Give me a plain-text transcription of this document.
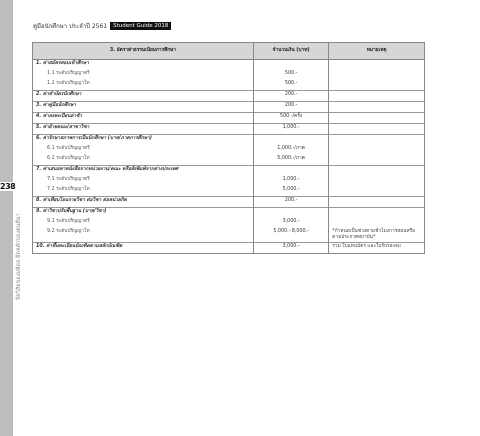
238
จิตวิสัยของมหิดล ยึดหลักของคนดีมา
คู่มือนักศึกษา ประจำปี 2561	Student Guide 2018
3. อัตราค่าธรรมเนียมการศึกษา	จำนวนเงิน (บาท)	หมายเหตุ
1. ค่าสมัครสอบเข้าศึกษา		
1.1 ระดับปริญญาตรี	500.-	
1.2 ระดับปริญญาโท	500.-	
2. ค่าทำบัตรนักศึกษา	200.-	
3. ค่าคู่มือนักศึกษา	200.-	
4. ค่าลงทะเบียนล่าช้า	500.-/ครั้ง	
5. ค่าย้ายคณะ/สาขาวิชา	1,000.-	
6. ค่ารักษาสภาพการเป็นนักศึกษา (บาท/ภาคการศึกษา)		
6.1 ระดับปริญญาตรี	1,000.-/ภาค	
6.2 ระดับปริญญาโท	5,000.-/ภาค	
7. ค่าเสนอหาหนังสือจากหน่วยงาน/คณะ หรือสั่งพิมพ์จากต่างประเทศ		
7.1 ระดับปริญญาตรี	1,000.-	
7.2 ระดับปริญญาโท	5,000.-	
8. ค่าเทียบโอนรายวิชา ต่อวิชา ต่อหน่วยกิต	200.-	
9. ค่าวิชาปรับพื้นฐาน (บาท/วิชา)		
9.1 ระดับปริญญาตรี	3,000.-	
9.2 ระดับปริญญาโท	5,000.- 8,000.-	*กำหนดเป็นช่วงตามชั่วโมงการสอนหรือตามประกาศสถาบัน*
10. ค่าขึ้นทะเบียนบัณฑิตตามหลักบัณฑิต	3,000.-	รวม ใบแทนบัตร และใบรับรองจบ
